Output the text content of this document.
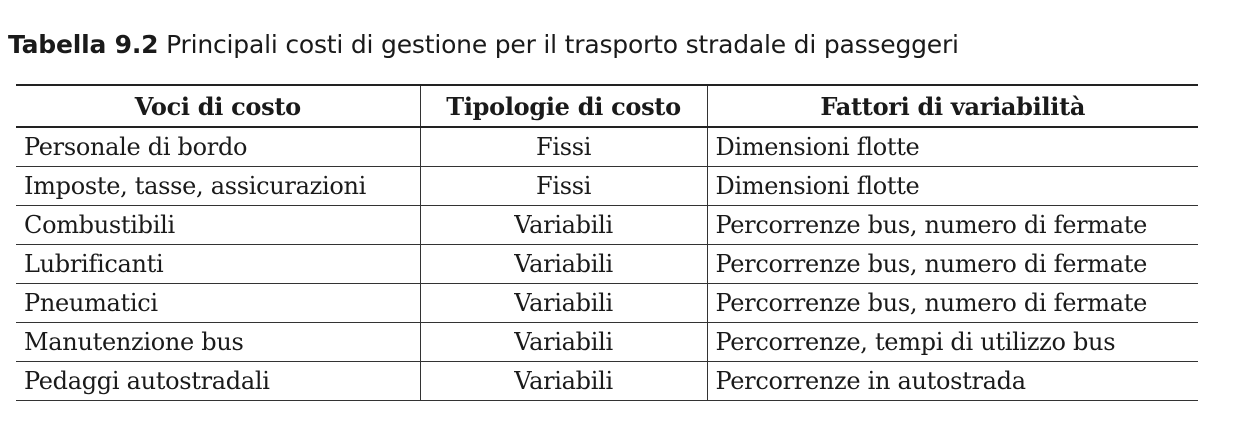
Tabella 9.2 Principali costi di gestione per il trasporto stradale di passeggeri
Voci di costo	Tipologie di costo	Fattori di variabilità
Personale di bordo	Fissi	Dimensioni flotte
Imposte, tasse, assicurazioni	Fissi	Dimensioni flotte
Combustibili	Variabili	Percorrenze bus, numero di fermate
Lubrificanti	Variabili	Percorrenze bus, numero di fermate
Pneumatici	Variabili	Percorrenze bus, numero di fermate
Manutenzione bus	Variabili	Percorrenze, tempi di utilizzo bus
Pedaggi autostradali	Variabili	Percorrenze in autostrada
